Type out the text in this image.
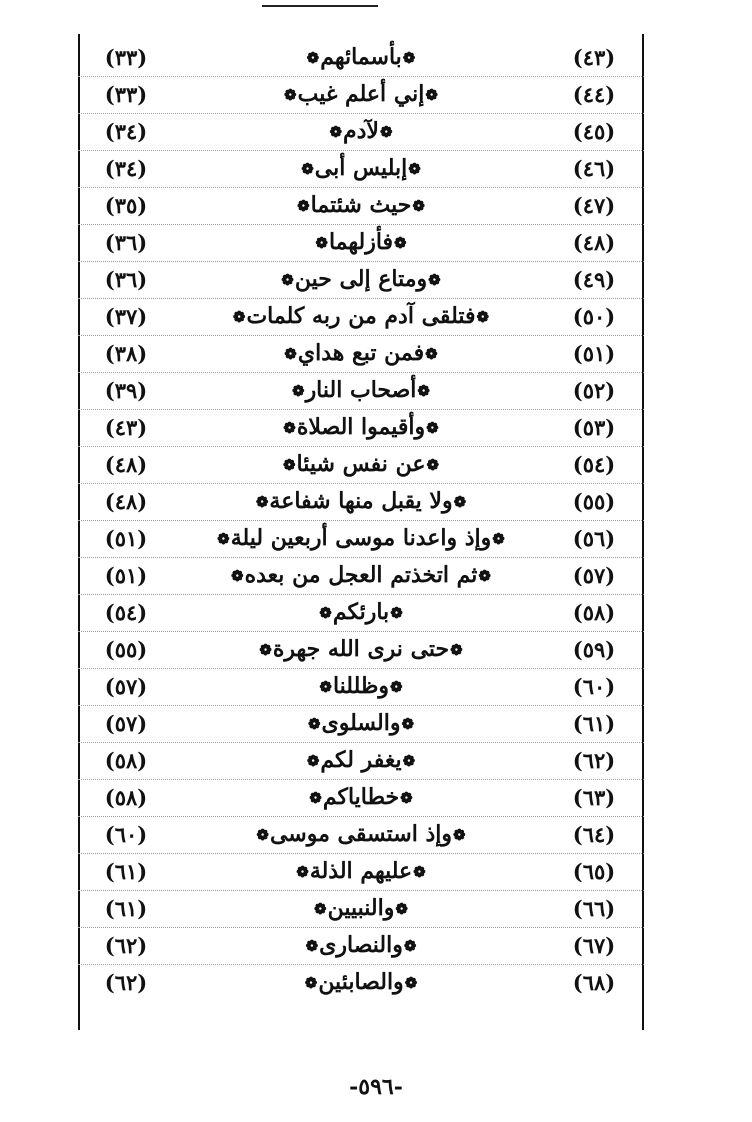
(٤٣)
❁بأسمائهم❁
(٣٣)
(٤٤)
❁إني أعلم غيب❁
(٣٣)
(٤٥)
❁لآدم❁
(٣٤)
(٤٦)
❁إبليس أبى❁
(٣٤)
(٤٧)
❁حيث شئتما❁
(٣٥)
(٤٨)
❁فأزلهما❁
(٣٦)
(٤٩)
❁ومتاع إلى حين❁
(٣٦)
(٥٠)
❁فتلقى آدم من ربه كلمات❁
(٣٧)
(٥١)
❁فمن تبع هداي❁
(٣٨)
(٥٢)
❁أصحاب النار❁
(٣٩)
(٥٣)
❁وأقيموا الصلاة❁
(٤٣)
(٥٤)
❁عن نفس شيئا❁
(٤٨)
(٥٥)
❁ولا يقبل منها شفاعة❁
(٤٨)
(٥٦)
❁وإذ واعدنا موسى أربعين ليلة❁
(٥١)
(٥٧)
❁ثم اتخذتم العجل من بعده❁
(٥١)
(٥٨)
❁بارئكم❁
(٥٤)
(٥٩)
❁حتى نرى الله جهرة❁
(٥٥)
(٦٠)
❁وظللنا❁
(٥٧)
(٦١)
❁والسلوى❁
(٥٧)
(٦٢)
❁يغفر لكم❁
(٥٨)
(٦٣)
❁خطاياكم❁
(٥٨)
(٦٤)
❁وإذ استسقى موسى❁
(٦٠)
(٦٥)
❁عليهم الذلة❁
(٦١)
(٦٦)
❁والنبيين❁
(٦١)
(٦٧)
❁والنصارى❁
(٦٢)
(٦٨)
❁والصابئين❁
(٦٢)
-٥٩٦-
